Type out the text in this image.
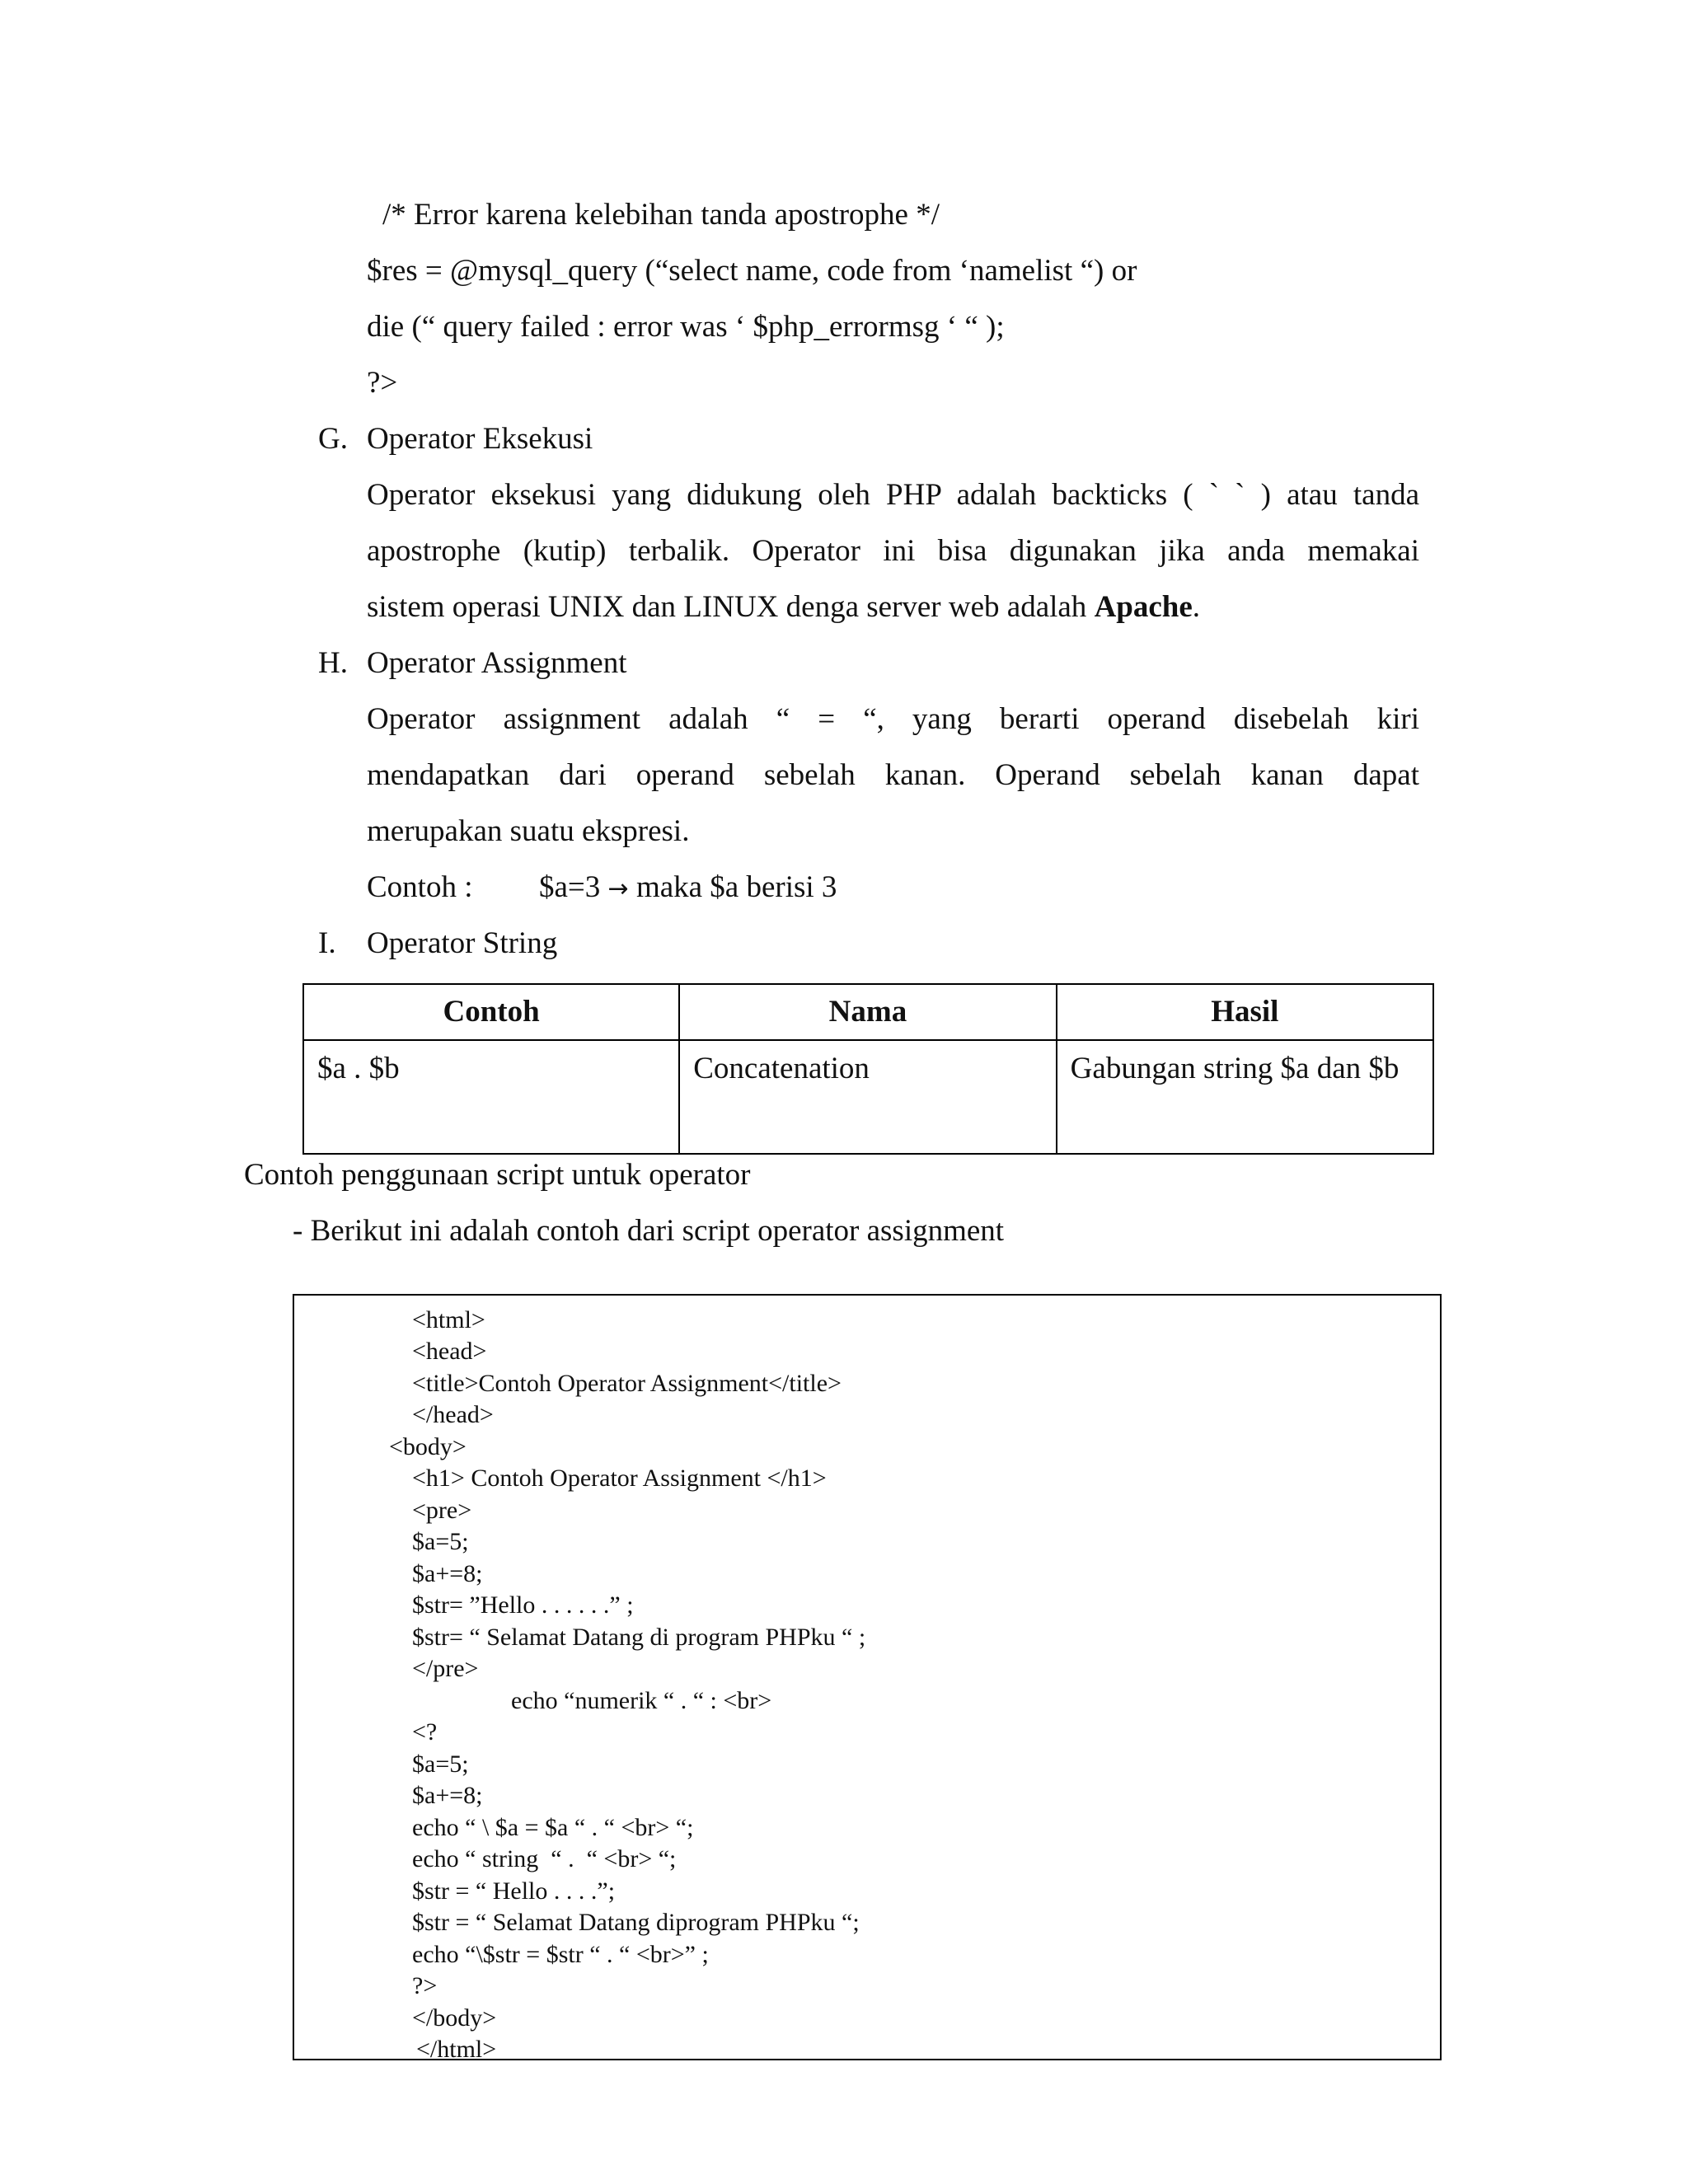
/* Error karena kelebihan tanda apostrophe */
$res = @mysql_query (“select name, code from ‘namelist “) or
die (“ query failed : error was ‘ $php_errormsg ‘ “ );
?>
G. Operator Eksekusi
Operator eksekusi yang didukung oleh PHP adalah backticks ( ` ` ) atau tanda
apostrophe (kutip) terbalik. Operator ini bisa digunakan jika anda memakai
sistem operasi UNIX dan LINUX denga server web adalah Apache.
H. Operator Assignment
Operator assignment adalah “ = “, yang berarti operand disebelah kiri
mendapatkan dari operand sebelah kanan. Operand sebelah kanan dapat
merupakan suatu ekspresi.
Contoh : $a=3 → maka $a berisi 3
I. Operator String
Contoh	Nama	Hasil
$a . $b	Concatenation	Gabungan string $a dan $b
Contoh penggunaan script untuk operator
- Berikut ini adalah contoh dari script operator assignment
<html>
<head>
<title>Contoh Operator Assignment</title>
</head>
<body>
<h1> Contoh Operator Assignment </h1>
<pre>
$a=5;
$a+=8;
$str= ”Hello . . . . . .” ;
$str= “ Selamat Datang di program PHPku “ ;
</pre>
echo “numerik “ . “ : <br>
<?
$a=5;
$a+=8;
echo “ \ $a = $a “ . “ <br> “;
echo “ string  “ .  “ <br> “;
$str = “ Hello . . . .”;
$str = “ Selamat Datang diprogram PHPku “;
echo “\$str = $str “ . “ <br>” ;
?>
</body>
</html>
